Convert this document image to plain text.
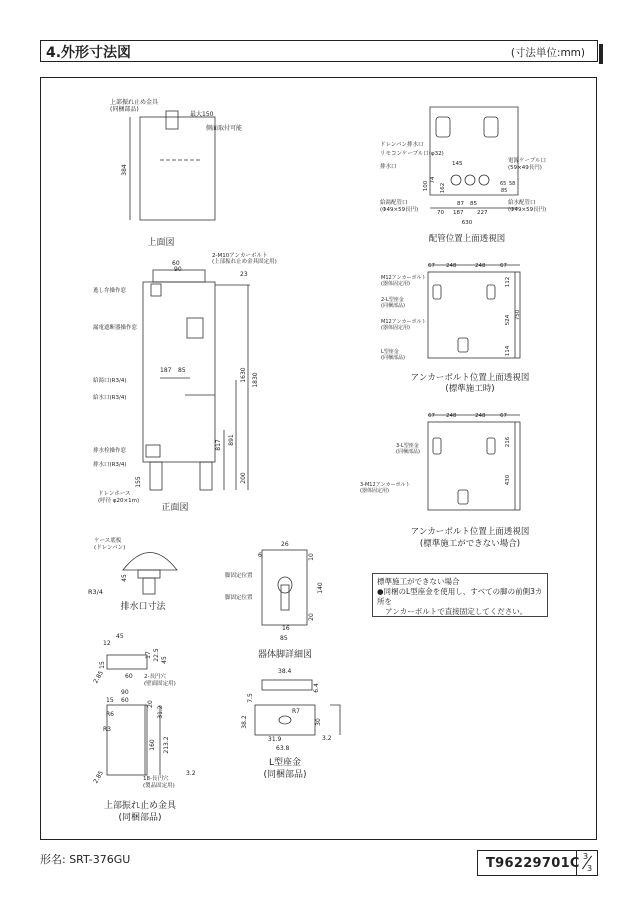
4.外形寸法図	(寸法単位:mm)
上面図
上部振れ止め金具
(同梱部品)
最大150
側面取付可能
384
正面図
2-M10アンカーボルト
(上部振れ止め金具固定用)
逃し弁操作窓
漏電遮断器操作窓
給湯口(R3/4)
給水口(R3/4)
排水栓操作窓
排水口(R3/4)
ドレンホース
(呼径 φ20×1m)
60
90
23
187 85	1630 1830
817 891
200
155
排水口寸法
ケース底板
(ドレンパン)
R3/4
45
器体脚詳細図
脚固定位置
脚固定位置
26
10
6
140
16
20
85
上部振れ止め金具
(同梱部品)
2-長円穴
(壁面固定用)
18-長円穴
(製品固定用)
12
45
60
15
17 22.5 45
2.85
R6
R3
90
60
15	20
31.2
160 213.2
2.85	3.2
L型座金
(同梱部品)
38.4
6.4
7.5
38.2
R7
30
31.9
63.8
3.2
配管位置上面透視図
ドレンパン排水口
リモコンケーブル口(φ32)
排水口
給湯配管口
(Φ49×59長円)
電源ケーブル口
(59×49長円)
給水配管口
(Φ49×59長円)
145
100
74
162
70 187
87 85
227
630
65 58
85
アンカーボルト位置上面透視図
(標準施工時)
M12アンカーボルト
(器体固定用)
2-L型座金
(同梱部品)
M12アンカーボルト
(器体固定用)
L型座金
(同梱部品)
67 248	248	67
112
750
524
114
アンカーボルト位置上面透視図
(標準施工ができない場合)
3-L型座金
(同梱部品)
3-M12アンカーボルト
(器体固定用)
67 248	248	67
216
430
標準施工ができない場合
●同梱のL型座金を使用し、すべての脚の前側3カ所を
アンカーボルトで直接固定してください。
形名: SRT-376GU	T96229701C 3
3
